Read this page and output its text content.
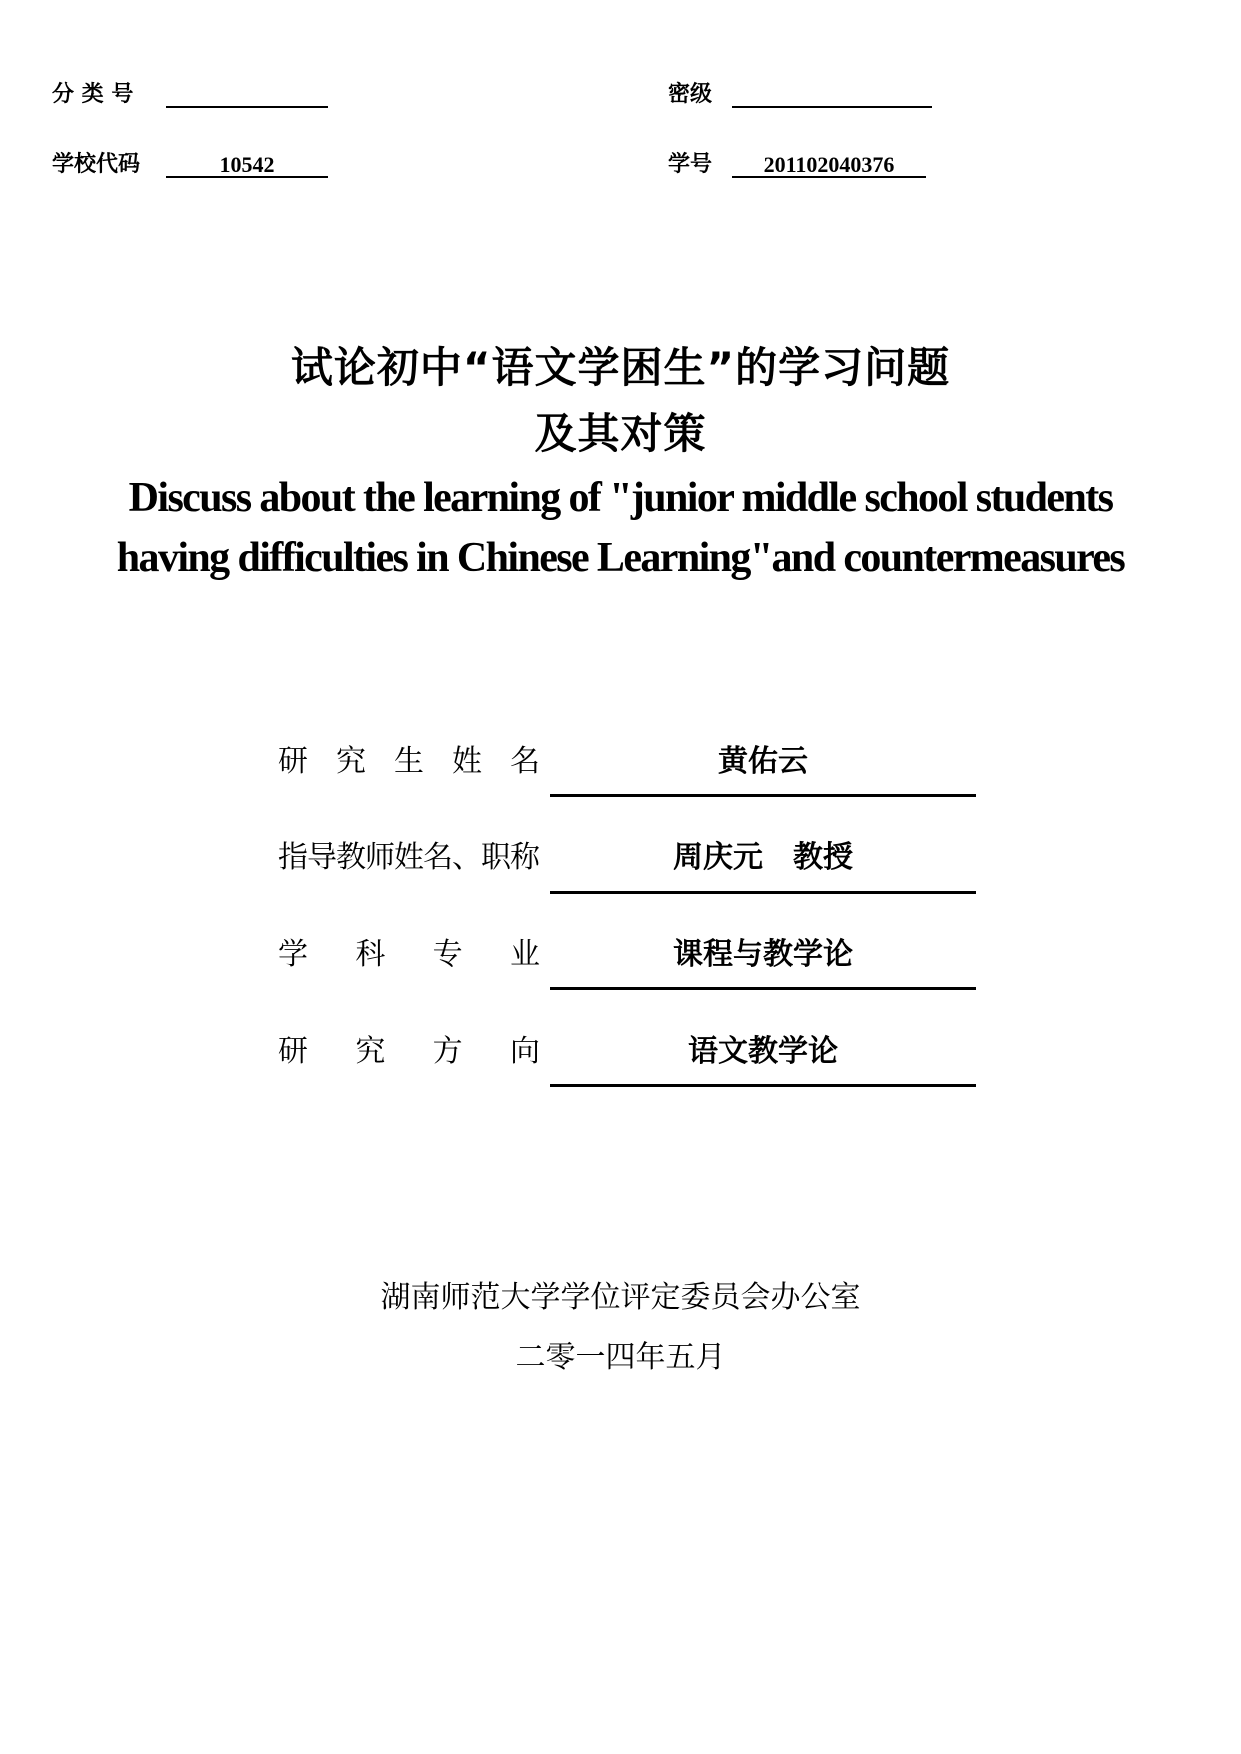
分 类 号	密级
学校代码	10542	学号	201102040376
试论初中“语文学困生”的学习问题
及其对策
Discuss about the learning of "junior middle school students
having difficulties in Chinese Learning"and countermeasures
研究生姓名	黄佑云
指导教师姓名、职称	周庆元　教授
学科专业	课程与教学论
研究方向	语文教学论
湖南师范大学学位评定委员会办公室
二零一四年五月
